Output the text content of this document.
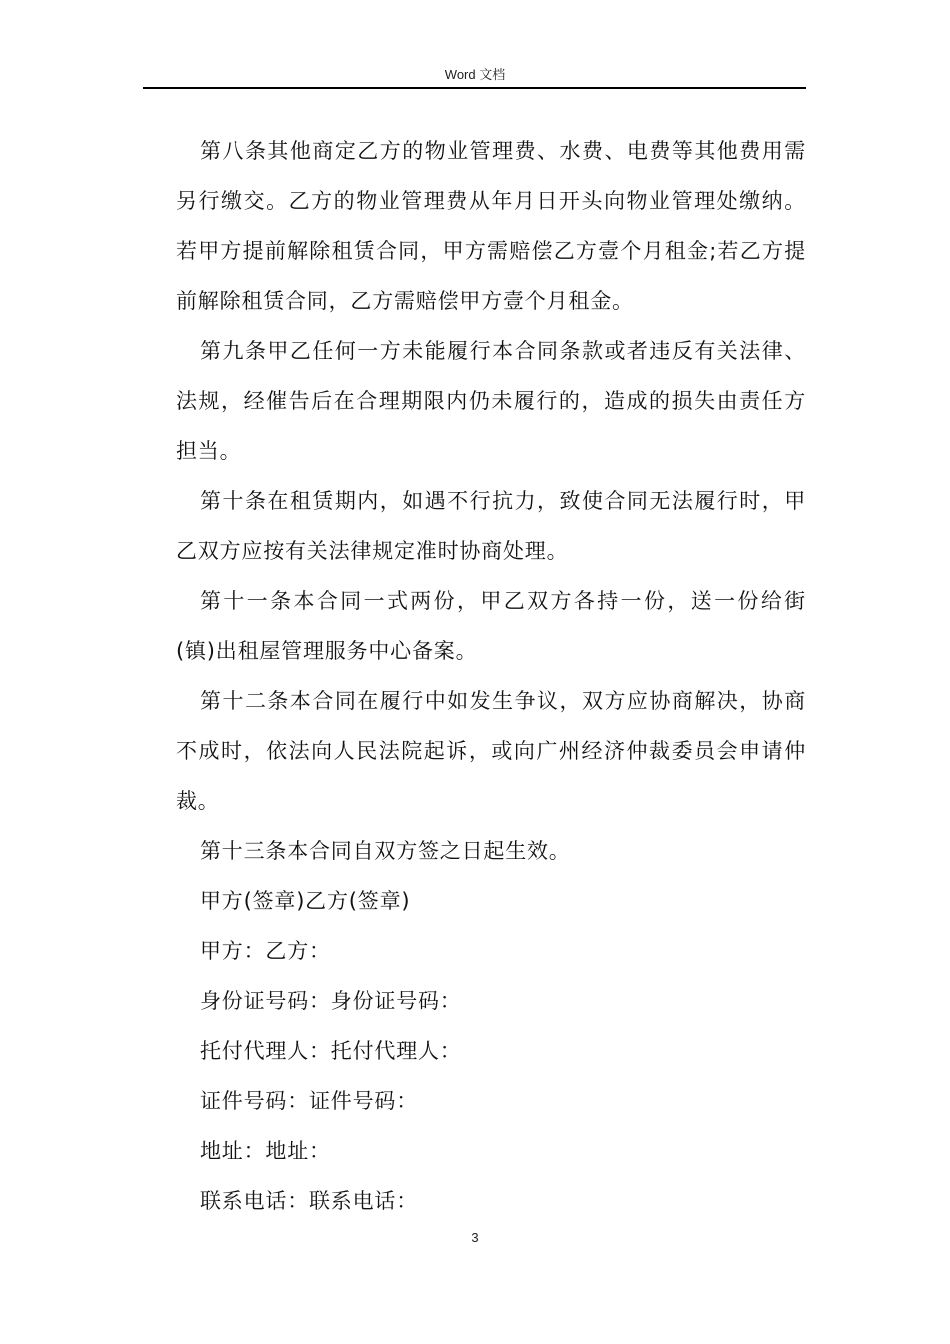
Word 文档

第八条其他商定乙方的物业管理费、水费、电费等其他费用需另行缴交。乙方的物业管理费从年月日开头向物业管理处缴纳。若甲方提前解除租赁合同，甲方需赔偿乙方壹个月租金;若乙方提前解除租赁合同，乙方需赔偿甲方壹个月租金。

第九条甲乙任何一方未能履行本合同条款或者违反有关法律、法规，经催告后在合理期限内仍未履行的，造成的损失由责任方担当。

第十条在租赁期内，如遇不行抗力，致使合同无法履行时，甲乙双方应按有关法律规定准时协商处理。

第十一条本合同一式两份，甲乙双方各持一份，送一份给街(镇)出租屋管理服务中心备案。

第十二条本合同在履行中如发生争议，双方应协商解决，协商不成时，依法向人民法院起诉，或向广州经济仲裁委员会申请仲裁。

第十三条本合同自双方签之日起生效。

甲方(签章)乙方(签章)

甲方：乙方：

身份证号码：身份证号码：

托付代理人：托付代理人：

证件号码：证件号码：

地址：地址：

联系电话：联系电话：

3
